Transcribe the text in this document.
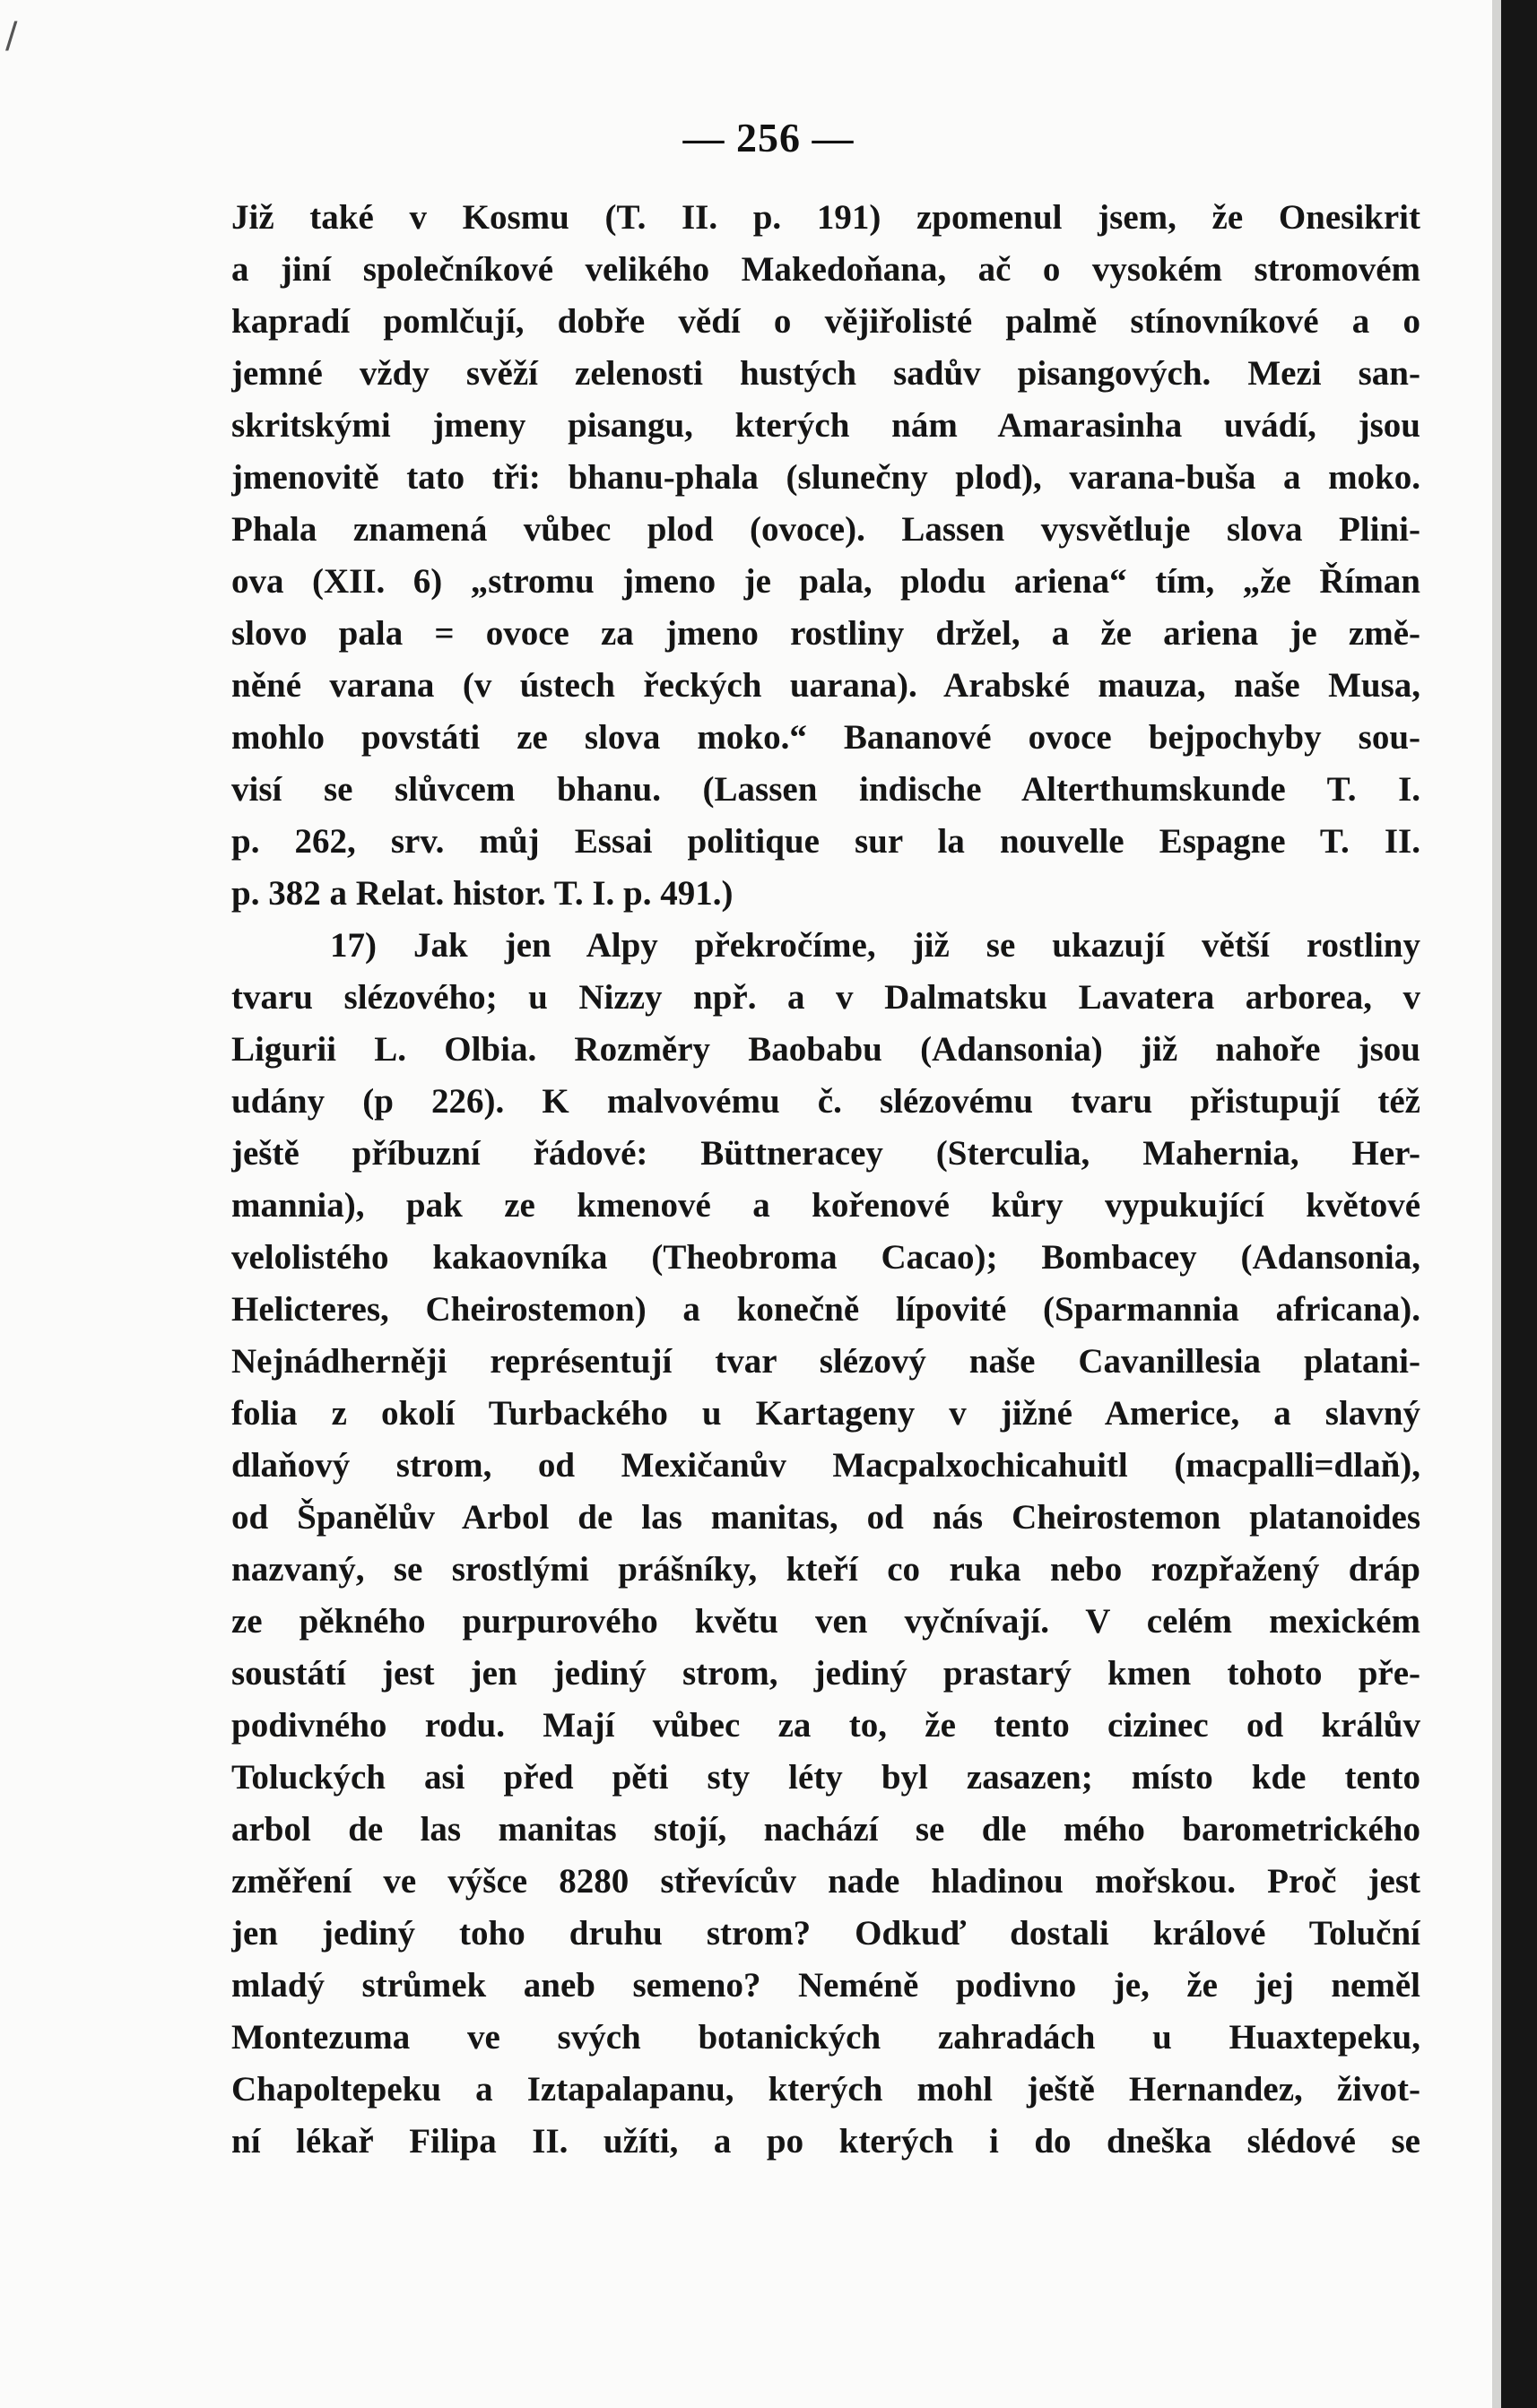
/
— 256 —
Již také v Kosmu (T. II. p. 191) zpomenul jsem, že Onesikrit
a jiní společníkové velikého Makedoňana, ač o vysokém stromovém
kapradí pomlčují, dobře vědí o vějiřolisté palmě stínovníkové a o
jemné vždy svěží zelenosti hustých sadův pisangových. Mezi san-
skritskými jmeny pisangu, kterých nám Amarasinha uvádí, jsou
jmenovitě tato tři: bhanu-phala (slunečny plod), varana-buša a moko.
Phala znamená vůbec plod (ovoce). Lassen vysvětluje slova Plini-
ova (XII. 6) „stromu jmeno je pala, plodu ariena“ tím, „že Říman
slovo pala = ovoce za jmeno rostliny držel, a že ariena je změ-
něné varana (v ústech řeckých uarana). Arabské mauza, naše Musa,
mohlo povstáti ze slova moko.“ Bananové ovoce bejpochyby sou-
visí se slůvcem bhanu. (Lassen indische Alterthumskunde T. I.
p. 262, srv. můj Essai politique sur la nouvelle Espagne T. II.
p. 382 a Relat. histor. T. I. p. 491.)
17) Jak jen Alpy překročíme, již se ukazují větší rostliny
tvaru slézového; u Nizzy npř. a v Dalmatsku Lavatera arborea, v
Ligurii L. Olbia. Rozměry Baobabu (Adansonia) již nahoře jsou
udány (p 226). K malvovému č. slézovému tvaru přistupují též
ještě příbuzní řádové: Büttneracey (Sterculia, Mahernia, Her-
mannia), pak ze kmenové a kořenové kůry vypukující květové
velolistého kakaovníka (Theobroma Cacao); Bombacey (Adansonia,
Helicteres, Cheirostemon) a konečně lípovité (Sparmannia africana).
Nejnádherněji représentují tvar slézový naše Cavanillesia platani-
folia z okolí Turbackého u Kartageny v jižné Americe, a slavný
dlaňový strom, od Mexičanův Macpalxochicahuitl (macpalli=dlaň),
od Španělův Arbol de las manitas, od nás Cheirostemon platanoides
nazvaný, se srostlými prášníky, kteří co ruka nebo rozpřažený dráp
ze pěkného purpurového květu ven vyčnívají. V celém mexickém
soustátí jest jen jediný strom, jediný prastarý kmen tohoto pře-
podivného rodu. Mají vůbec za to, že tento cizinec od králův
Toluckých asi před pěti sty léty byl zasazen; místo kde tento
arbol de las manitas stojí, nachází se dle mého barometrického
změření ve výšce 8280 střevícův nade hladinou mořskou. Proč jest
jen jediný toho druhu strom? Odkuď dostali králové Toluční
mladý strůmek aneb semeno? Neméně podivno je, že jej neměl
Montezuma ve svých botanických zahradách u Huaxtepeku,
Chapoltepeku a Iztapalapanu, kterých mohl ještě Hernandez, život-
ní lékař Filipa II. užíti, a po kterých i do dneška slédové se
